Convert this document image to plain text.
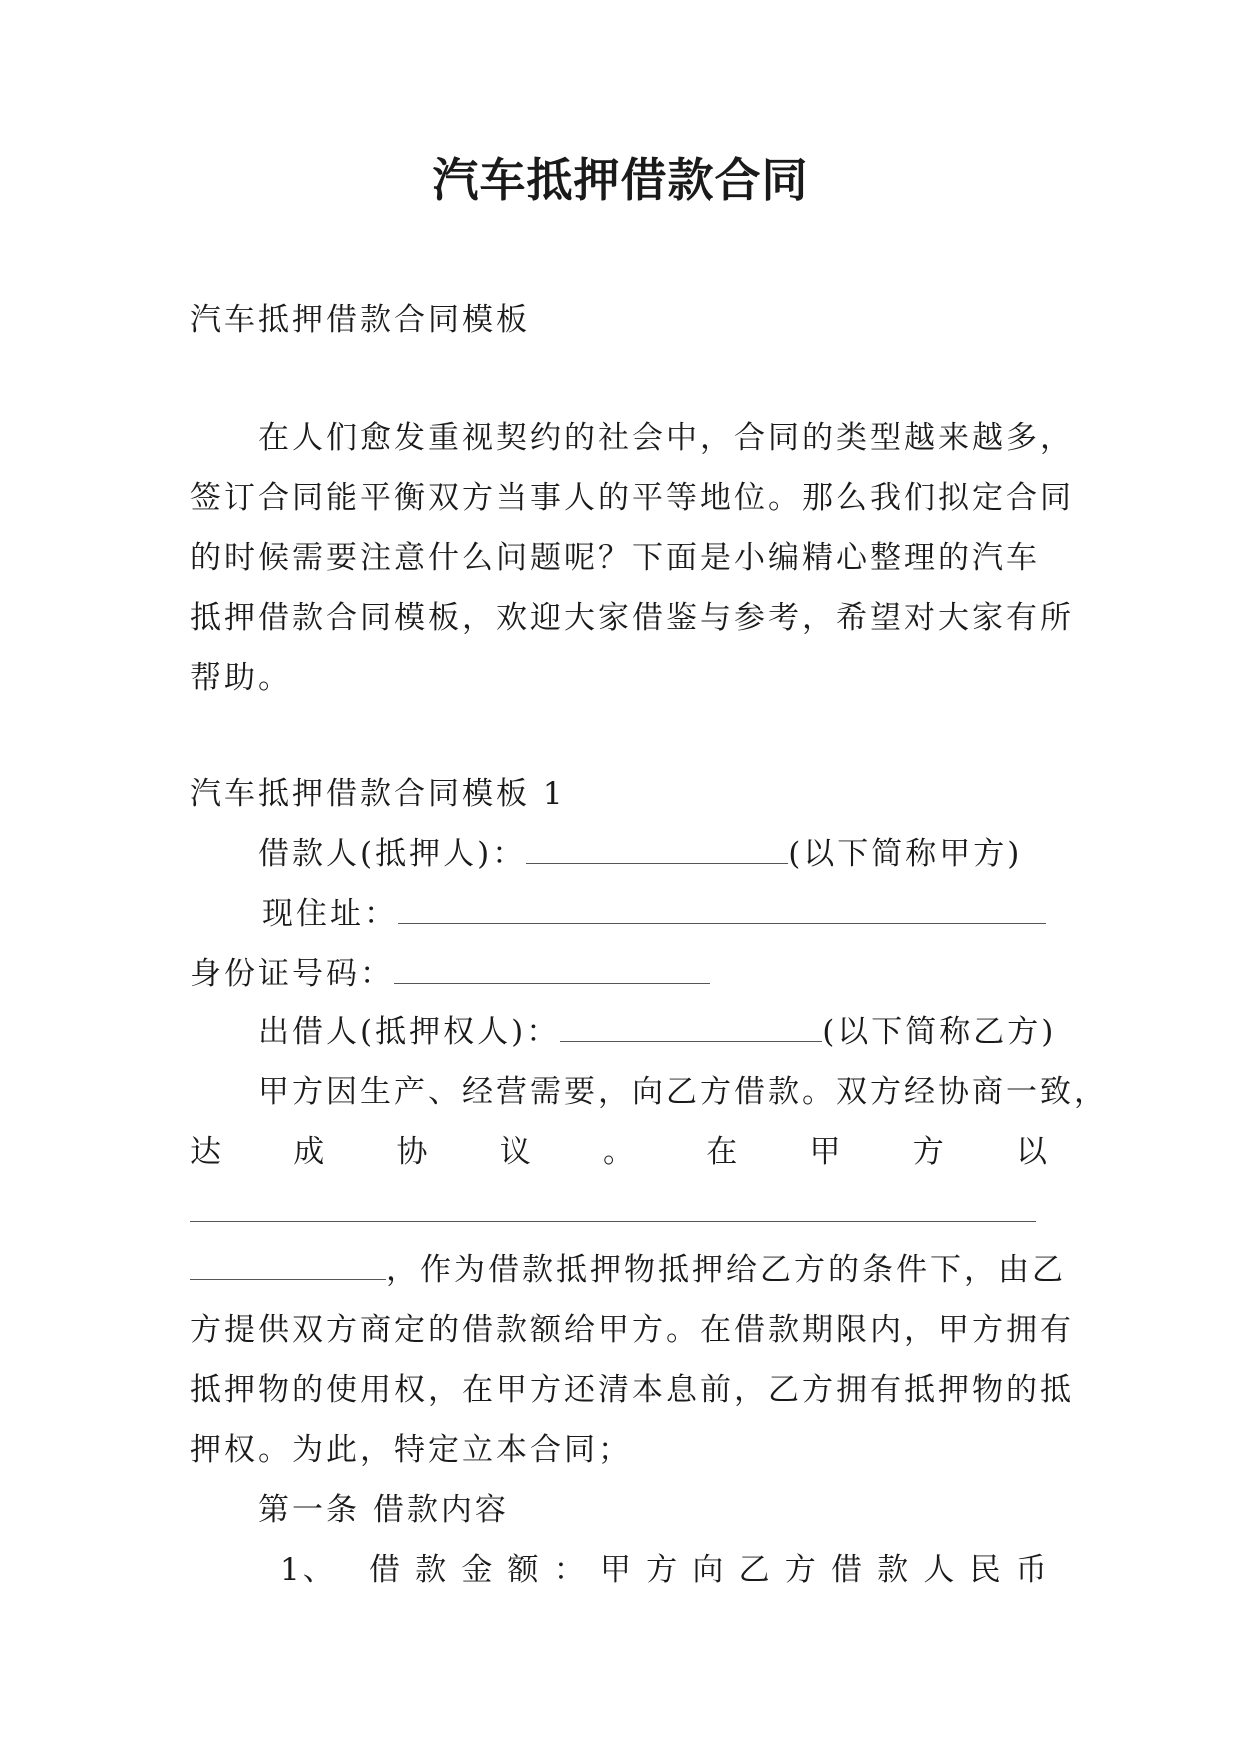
汽车抵押借款合同
汽车抵押借款合同模板
在人们愈发重视契约的社会中，合同的类型越来越多，
签订合同能平衡双方当事人的平等地位。那么我们拟定合同
的时候需要注意什么问题呢？下面是小编精心整理的汽车
抵押借款合同模板，欢迎大家借鉴与参考，希望对大家有所
帮助。
汽车抵押借款合同模板 1
借款人(抵押人)：	(以下简称甲方)
现住址：
身份证号码：
出借人(抵押权人)：	(以下简称乙方)
甲方因生产、经营需要，向乙方借款。双方经协商一致，
达 成 协 议 。 在 甲 方 以
，作为借款抵押物抵押给乙方的条件下，由乙
方提供双方商定的借款额给甲方。在借款期限内，甲方拥有
抵押物的使用权，在甲方还清本息前，乙方拥有抵押物的抵
押权。为此，特定立本合同；
第一条 借款内容
1、 借 款 金 额 ： 甲 方 向 乙 方 借 款 人 民 币
